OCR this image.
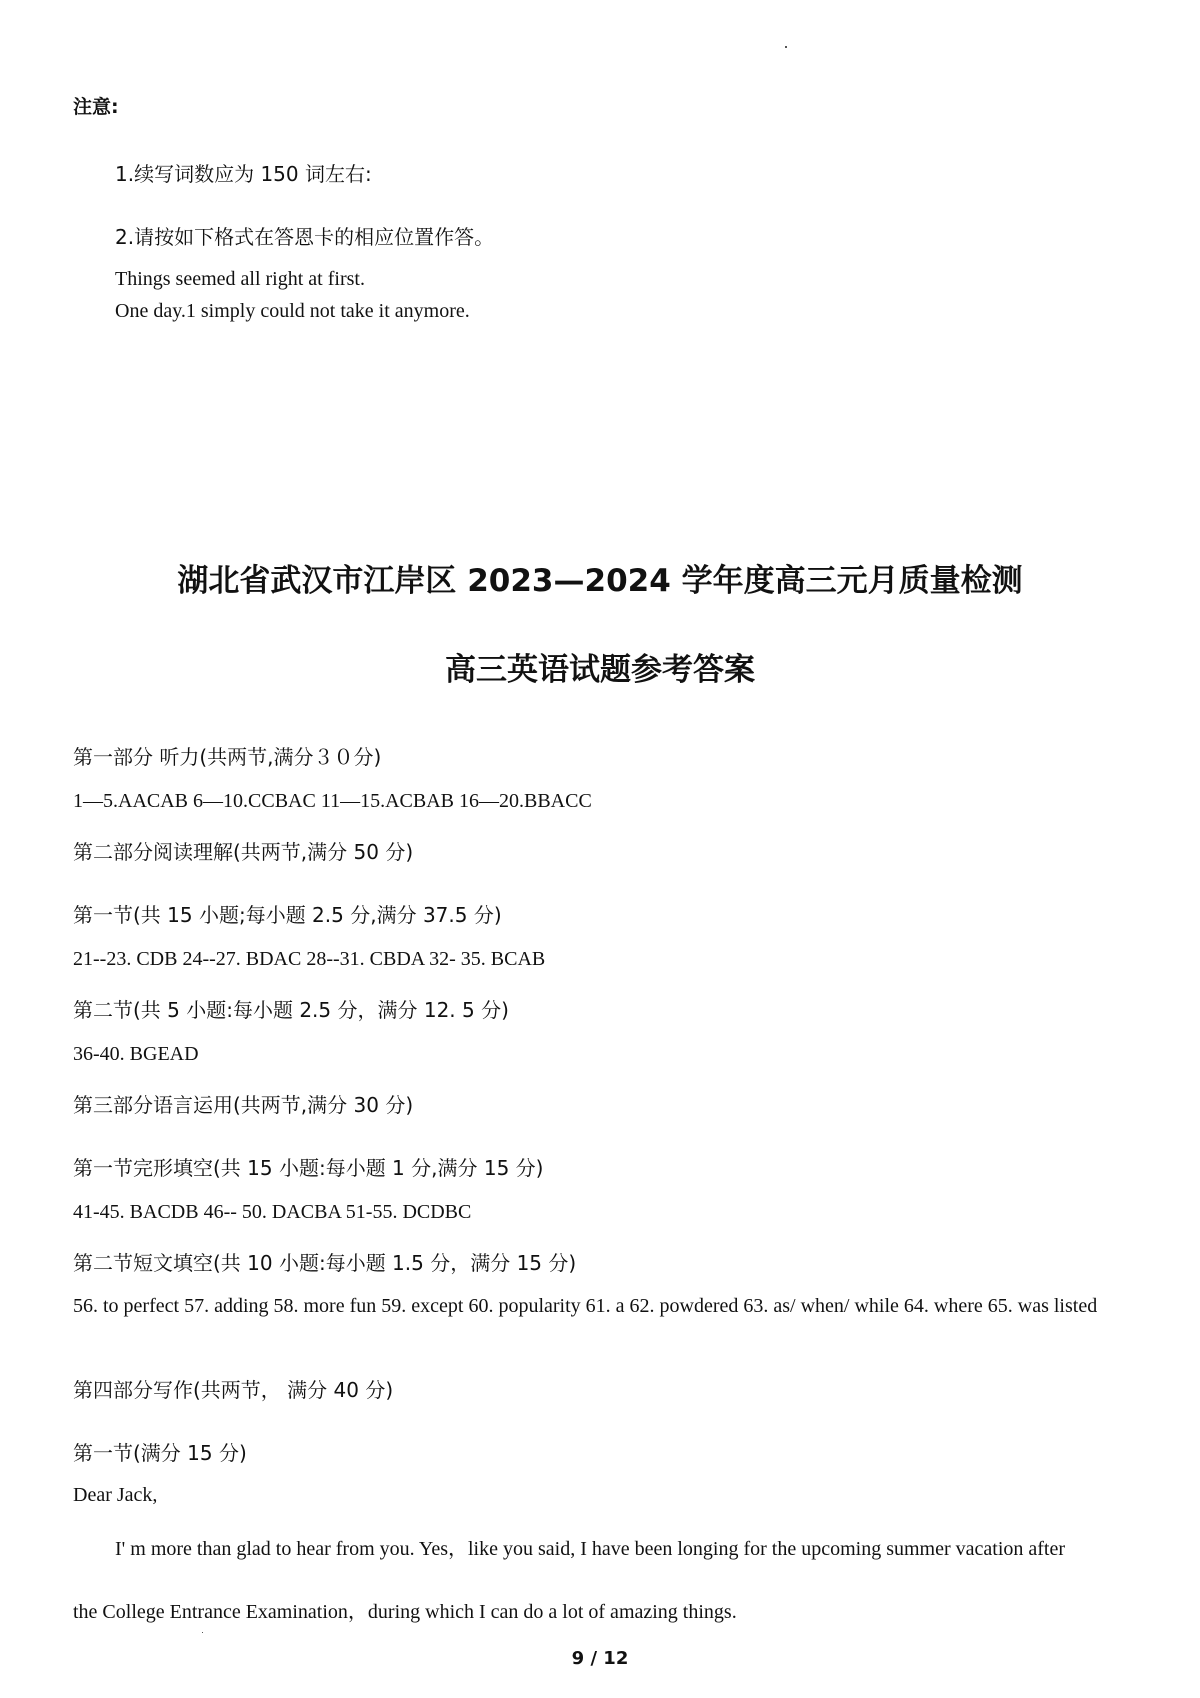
注意:
1.续写词数应为 150 词左右:
2.请按如下格式在答恩卡的相应位置作答。
Things seemed all right at first.
One day.1 simply could not take it anymore.
湖北省武汉市江岸区 2023—2024 学年度高三元月质量检测
高三英语试题参考答案
第一部分 听力(共两节,满分３０分)
1—5.AACAB 6—10.CCBAC 11—15.ACBAB 16—20.BBACC
第二部分阅读理解(共两节,满分 50 分)
第一节(共 15 小题;每小题 2.5 分,满分 37.5 分)
21--23. CDB 24--27. BDAC 28--31. CBDA 32- 35. BCAB
第二节(共 5 小题:每小题 2.5 分，满分 12. 5 分)
36-40. BGEAD
第三部分语言运用(共两节,满分 30 分)
第一节完形填空(共 15 小题:每小题 1 分,满分 15 分)
41-45. BACDB 46-- 50. DACBA 51-55. DCDBC
第二节短文填空(共 10 小题:每小题 1.5 分，满分 15 分)
56. to perfect 57. adding 58. more fun 59. except 60. popularity 61. a 62. powdered 63. as/ when/ while 64. where 65. was listed
第四部分写作(共两节， 满分 40 分)
第一节(满分 15 分)
Dear Jack,
I' m more than glad to hear from you. Yes，like you said, I have been longing for the upcoming summer vacation after
the College Entrance Examination，during which I can do a lot of amazing things.
9 / 12
